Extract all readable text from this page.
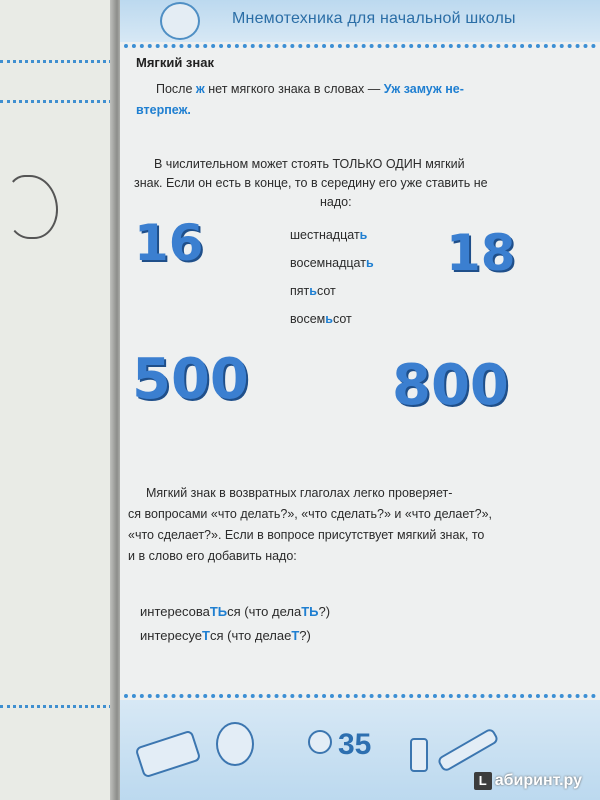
Мнемотехника для начальной школы
Мягкий знак
После ж нет мягкого знака в словах — Уж замуж не-
втерпеж.
В числительном может стоять ТОЛЬКО ОДИН мягкий
знак. Если он есть в конце, то в середину его уже ставить не
надо:
16	18
шестнадцать
восемнадцать
пятьсот
восемьсот
500	800
Мягкий знак в возвратных глаголах легко проверяет-
ся вопросами «что делать?», «что сделать?» и «что делает?»,
«что сделает?». Если в вопросе присутствует мягкий знак, то
и в слово его добавить надо:
интересоваТЬся (что делаТЬ?)
интересуеТся (что делаеТ?)
35
L абиринт.ру
